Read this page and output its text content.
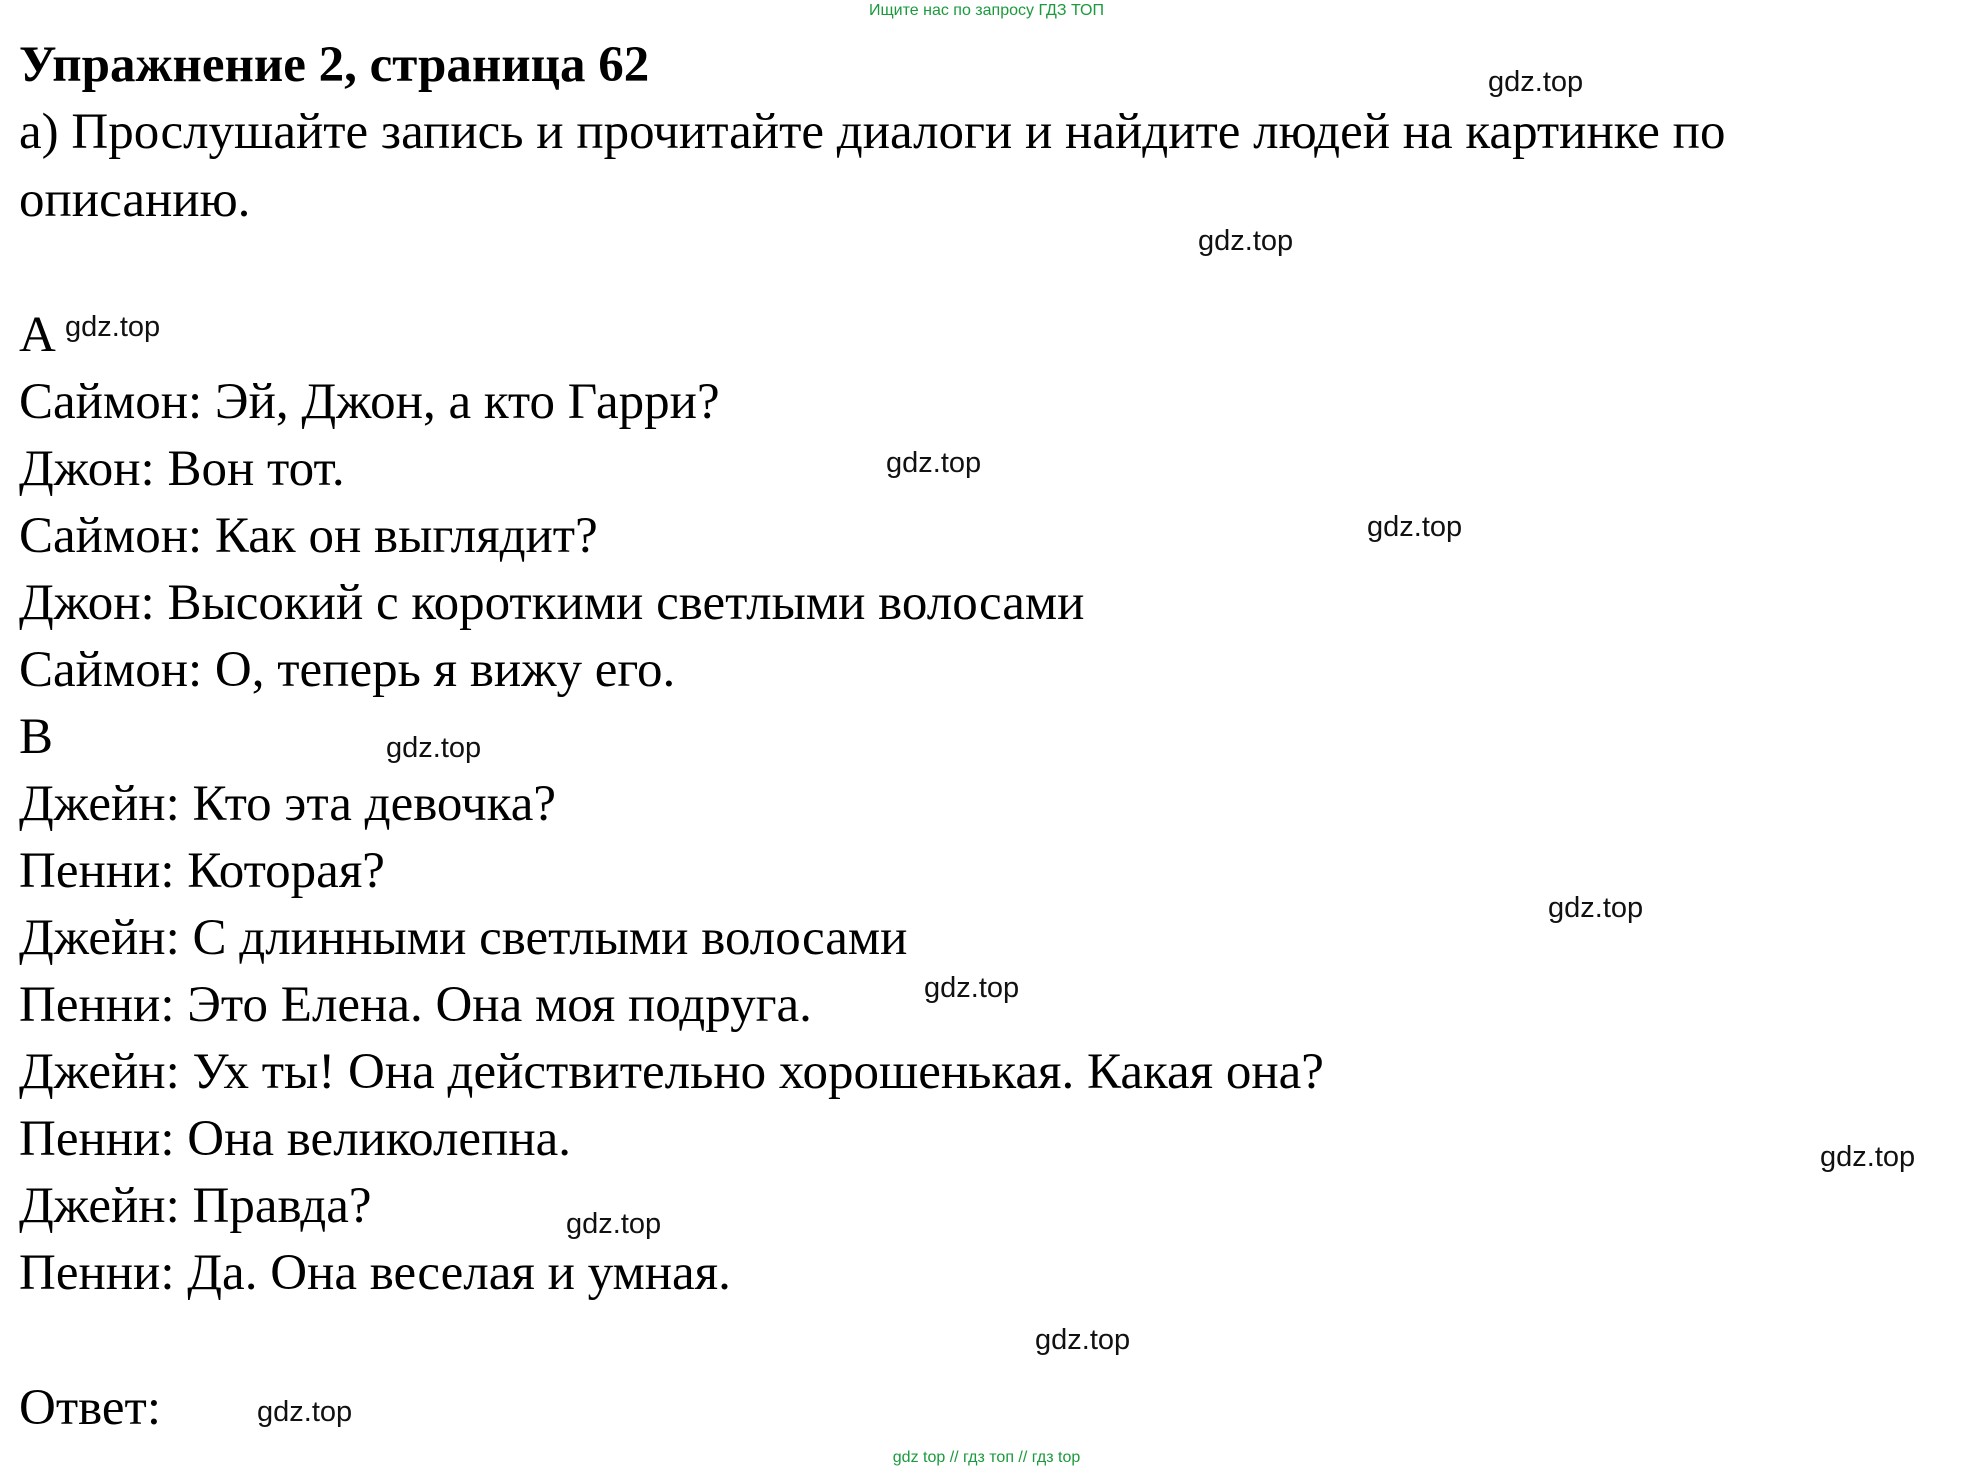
Ищите нас по запросу ГДЗ ТОП
Упражнение 2, страница 62
а) Прослушайте запись и прочитайте диалоги и найдите людей на картинке по описанию.
А
Саймон: Эй, Джон, а кто Гарри?
Джон: Вон тот.
Саймон: Как он выглядит?
Джон: Высокий с короткими светлыми волосами
Саймон: О, теперь я вижу его.
В
Джейн: Кто эта девочка?
Пенни: Которая?
Джейн: С длинными светлыми волосами
Пенни: Это Елена. Она моя подруга.
Джейн: Ух ты! Она действительно хорошенькая. Какая она?
Пенни: Она великолепна.
Джейн: Правда?
Пенни: Да. Она веселая и умная.
Ответ:
gdz.top
gdz.top
gdz.top
gdz.top
gdz.top
gdz.top
gdz.top
gdz.top
gdz.top
gdz.top
gdz.top
gdz.top
gdz top // гдз топ // гдз top
